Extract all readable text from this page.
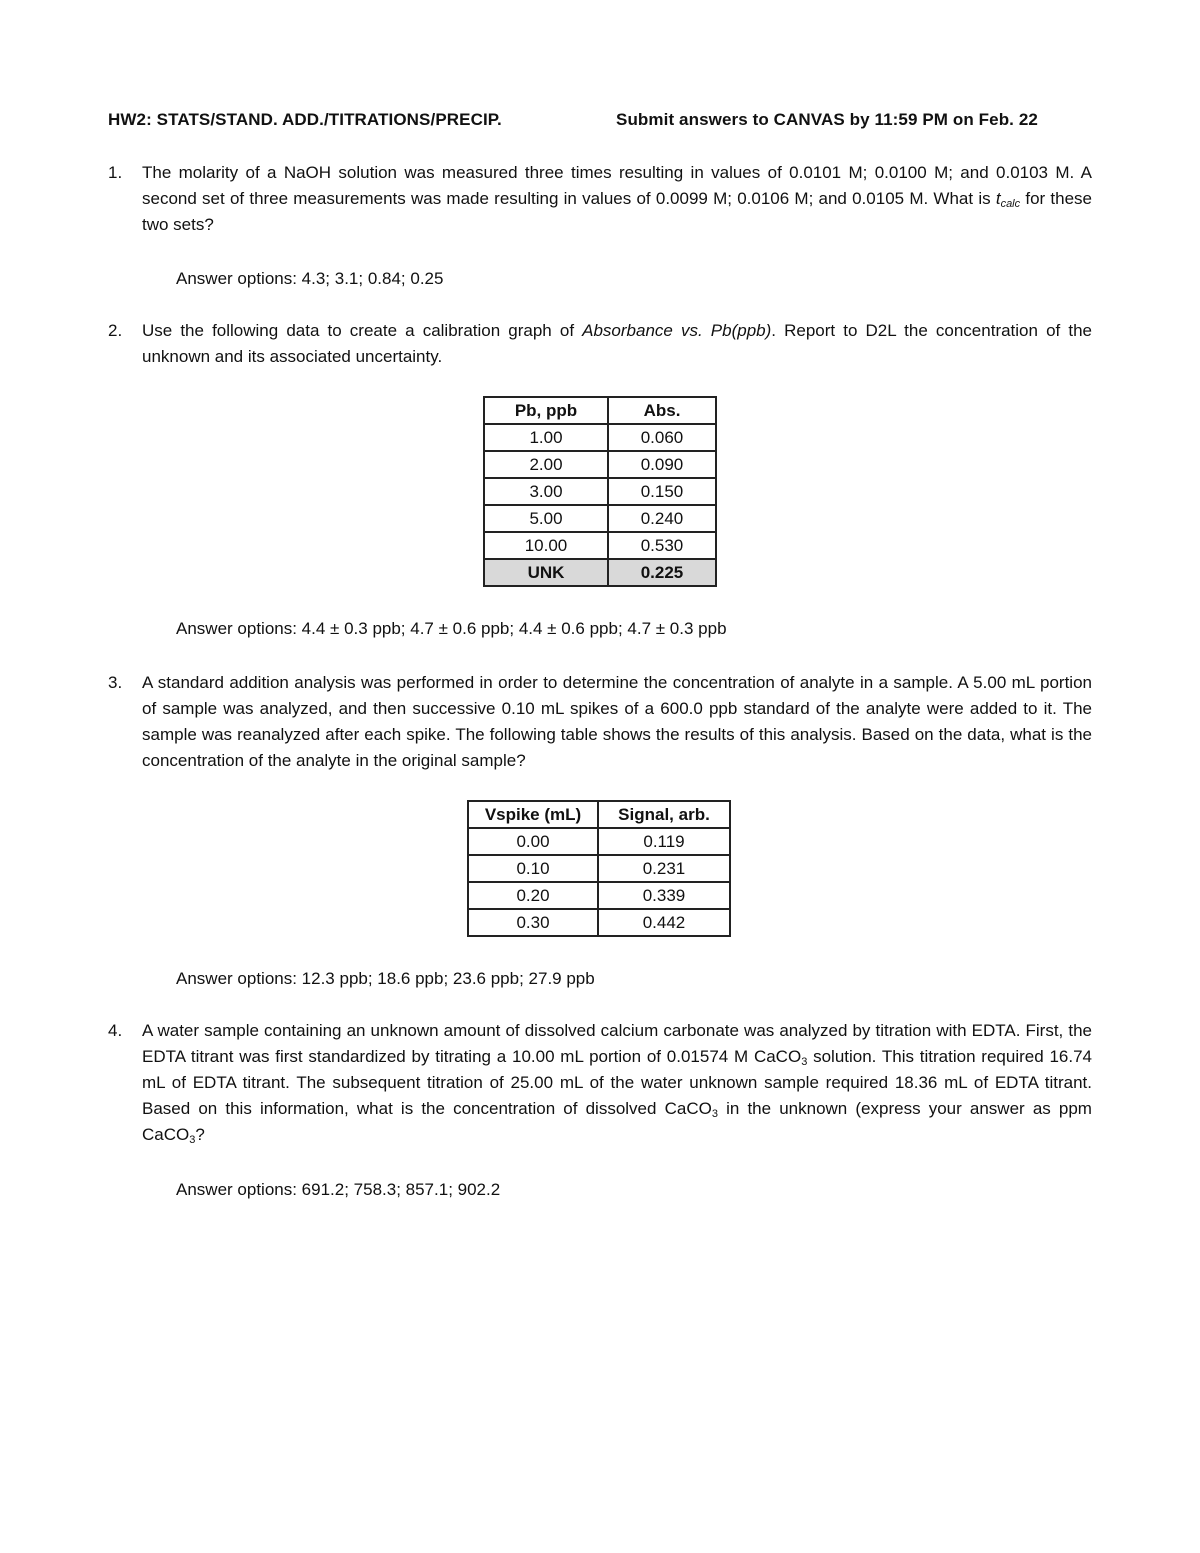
HW2: STATS/STAND. ADD./TITRATIONS/PRECIP.	Submit answers to CANVAS by 11:59 PM on Feb. 22
1. The molarity of a NaOH solution was measured three times resulting in values of 0.0101 M; 0.0100 M; and 0.0103 M. A second set of three measurements was made resulting in values of 0.0099 M; 0.0106 M; and 0.0105 M. What is $t_{calc}$ for these two sets?
Answer options: 4.3; 3.1; 0.84; 0.25
2. Use the following data to create a calibration graph of Absorbance vs. Pb(ppb). Report to D2L the concentration of the unknown and its associated uncertainty.
Pb, ppb	Abs.
1.00	0.060
2.00	0.090
3.00	0.150
5.00	0.240
10.00	0.530
UNK	0.225
Answer options: 4.4 ± 0.3 ppb; 4.7 ± 0.6 ppb; 4.4 ± 0.6 ppb; 4.7 ± 0.3 ppb
3. A standard addition analysis was performed in order to determine the concentration of analyte in a sample. A 5.00 mL portion of sample was analyzed, and then successive 0.10 mL spikes of a 600.0 ppb standard of the analyte were added to it. The sample was reanalyzed after each spike. The following table shows the results of this analysis. Based on the data, what is the concentration of the analyte in the original sample?
Vspike (mL)	Signal, arb.
0.00	0.119
0.10	0.231
0.20	0.339
0.30	0.442
Answer options: 12.3 ppb; 18.6 ppb; 23.6 ppb; 27.9 ppb
4. A water sample containing an unknown amount of dissolved calcium carbonate was analyzed by titration with EDTA. First, the EDTA titrant was first standardized by titrating a 10.00 mL portion of 0.01574 M CaCO$_3$ solution. This titration required 16.74 mL of EDTA titrant. The subsequent titration of 25.00 mL of the water unknown sample required 18.36 mL of EDTA titrant. Based on this information, what is the concentration of dissolved CaCO$_3$ in the unknown (express your answer as ppm CaCO$_3$?
Answer options: 691.2; 758.3; 857.1; 902.2
